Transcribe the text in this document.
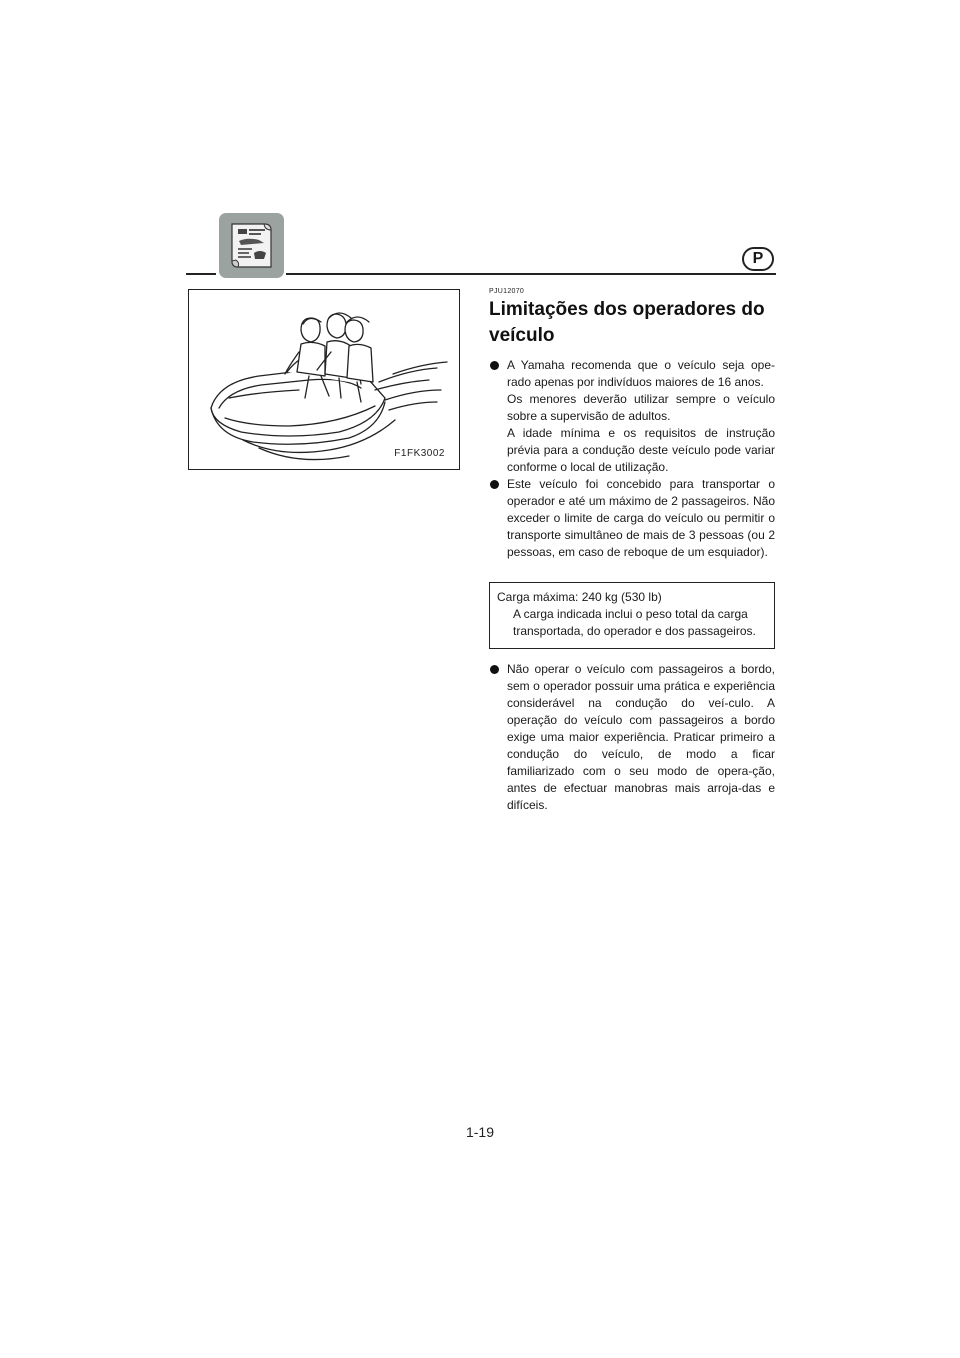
P
F1FK3002
PJU12070
Limitações dos operadores do veículo

A Yamaha recomenda que o veículo seja ope-rado apenas por indivíduos maiores de 16 anos.

Os menores deverão utilizar sempre o veículo sobre a supervisão de adultos.

A idade mínima e os requisitos de instrução prévia para a condução deste veículo pode variar conforme o local de utilização.

Este veículo foi concebido para transportar o operador e até um máximo de 2 passageiros. Não exceder o limite de carga do veículo ou permitir o transporte simultâneo de mais de 3 pessoas (ou 2 pessoas, em caso de reboque de um esquiador).

Carga máxima: 240 kg (530 lb)
A carga indicada inclui o peso total da carga transportada, do operador e dos passageiros.

Não operar o veículo com passageiros a bordo, sem o operador possuir uma prática e experiência considerável na condução do veí-culo. A operação do veículo com passageiros a bordo exige uma maior experiência. Praticar primeiro a condução do veículo, de modo a ficar familiarizado com o seu modo de opera-ção, antes de efectuar manobras mais arroja-das e difíceis.

1-19
